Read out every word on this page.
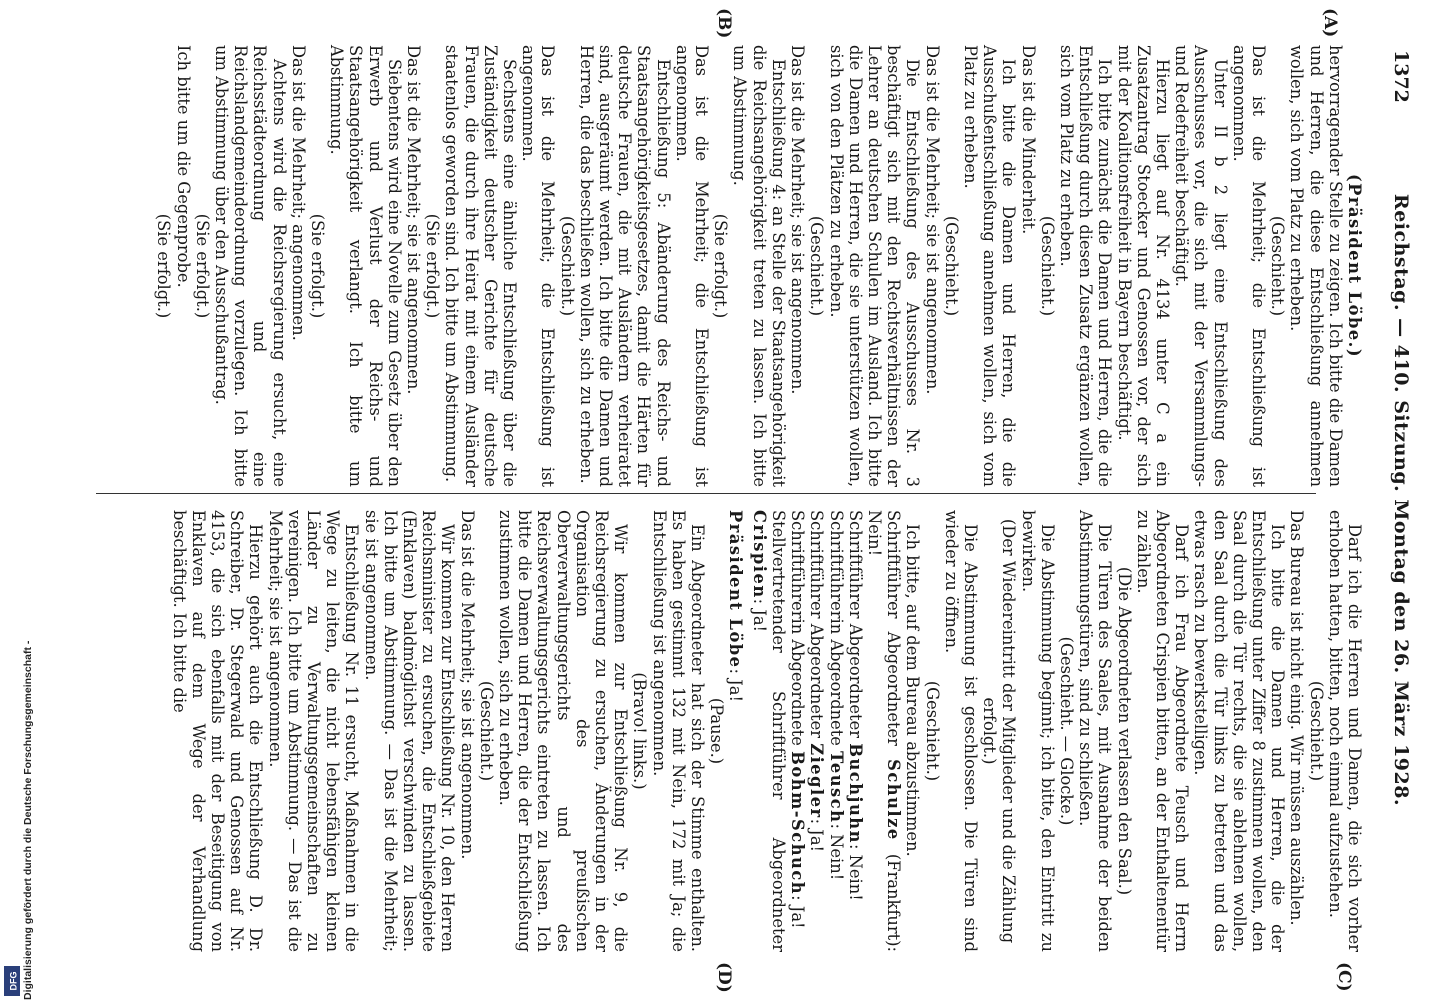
1372
Reichstag. — 410. Sitzung. Montag den 26. März 1928.
(A)
(B)
(C)
(D)

(Präsident Löbe.)

hervorragender Stelle zu zeigen. Ich bitte die Damen und Herren, die diese Entschließung annehmen wollen, sich vom Platz zu erheben.

(Geschieht.)

Das ist die Mehrheit; die Entschließung ist angenommen.

Unter II b 2 liegt eine Entschließung des Ausschusses vor, die sich mit der Versammlungs- und Redefreiheit beschäftigt.

Hierzu liegt auf Nr. 4134 unter C a ein Zusatzantrag Stoecker und Genossen vor, der sich mit der Koalitionsfreiheit in Bayern beschäftigt.

Ich bitte zunächst die Damen und Herren, die die Entschließung durch diesen Zusatz ergänzen wollen, sich vom Platz zu erheben.

(Geschieht.)

Das ist die Minderheit.

Ich bitte die Damen und Herren, die die Ausschußentschließung annehmen wollen, sich vom Platz zu erheben.

(Geschieht.)

Das ist die Mehrheit; sie ist angenommen.

Die Entschließung des Ausschusses Nr. 3 beschäftigt sich mit den Rechtsverhältnissen der Lehrer an deutschen Schulen im Ausland. Ich bitte die Damen und Herren, die sie unterstützen wollen, sich von den Plätzen zu erheben.

(Geschieht.)

Das ist die Mehrheit; sie ist angenommen.

Entschließung 4: an Stelle der Staatsangehörigkeit die Reichsangehörigkeit treten zu lassen. Ich bitte um Abstimmung.

(Sie erfolgt.)

Das ist die Mehrheit; die Entschließung ist angenommen.

Entschließung 5: Abänderung des Reichs- und Staatsangehörigkeitsgesetzes, damit die Härten für deutsche Frauen, die mit Ausländern verheiratet sind, ausgeräumt werden. Ich bitte die Damen und Herren, die das beschließen wollen, sich zu erheben.

(Geschieht.)

Das ist die Mehrheit; die Entschließung ist angenommen.

Sechstens eine ähnliche Entschließung über die Zuständigkeit deutscher Gerichte für deutsche Frauen, die durch ihre Heirat mit einem Ausländer staatenlos geworden sind. Ich bitte um Abstimmung.

(Sie erfolgt.)

Das ist die Mehrheit; sie ist angenommen.

Siebentens wird eine Novelle zum Gesetz über den Erwerb und Verlust der Reichs- und Staatsangehörigkeit verlangt. Ich bitte um Abstimmung.

(Sie erfolgt.)

Das ist die Mehrheit; angenommen.

Achtens wird die Reichsregierung ersucht, eine Reichsstädteordnung und eine Reichslandgemeindeordnung vorzulegen. Ich bitte um Abstimmung über den Ausschußantrag.

(Sie erfolgt.)

Ich bitte um die Gegenprobe.

(Sie erfolgt.)

Darf ich die Herren und Damen, die sich vorher erhoben hatten, bitten, noch einmal aufzustehen.

(Geschieht.)

Das Bureau ist nicht einig. Wir müssen auszählen.

Ich bitte die Damen und Herren, die der Entschließung unter Ziffer 8 zustimmen wollen, den Saal durch die Tür rechts, die sie ablehnen wollen, den Saal durch die Tür links zu betreten und das etwas rasch zu bewerkstelligen.

Darf ich Frau Abgeordnete Teusch und Herrn Abgeordneten Crispien bitten, an der Enthaltenentür zu zählen.

(Die Abgeordneten verlassen den Saal.)

Die Türen des Saales, mit Ausnahme der beiden Abstimmungstüren, sind zu schließen.

(Geschieht. — Glocke.)

Die Abstimmung beginnt; ich bitte, den Eintritt zu bewirken.

(Der Wiedereintritt der Mitglieder und die Zählung erfolgt.)

Die Abstimmung ist geschlossen. Die Türen sind wieder zu öffnen.

(Geschieht.)

Ich bitte, auf dem Bureau abzustimmen.

Schriftführer Abgeordneter Schulze (Frankfurt): Nein!

Schriftführer Abgeordneter Buchjuhn: Nein!

Schriftführerin Abgeordnete Teusch: Nein!

Schriftführer Abgeordneter Ziegler: Ja!

Schriftführerin Abgeordnete Bohm-Schuch: Ja!

Stellvertretender Schriftführer Abgeordneter Crispien: Ja!

Präsident Löbe: Ja!

(Pause.)

Ein Abgeordneter hat sich der Stimme enthalten. Es haben gestimmt 132 mit Nein, 172 mit Ja; die Entschließung ist angenommen.

(Bravo! links.)

Wir kommen zur Entschließung Nr. 9, die Reichsregierung zu ersuchen, Änderungen in der Organisation des preußischen Oberverwaltungsgerichts und des Reichsverwaltungsgerichts eintreten zu lassen. Ich bitte die Damen und Herren, die der Entschließung zustimmen wollen, sich zu erheben.

(Geschieht.)

Das ist die Mehrheit; sie ist angenommen.

Wir kommen zur Entschließung Nr. 10, den Herren Reichsminister zu ersuchen, die Entschließgebiete (Enklaven) baldmöglichst verschwinden zu lassen. Ich bitte um Abstimmung. — Das ist die Mehrheit; sie ist angenommen.

Entschließung Nr. 11 ersucht, Maßnahmen in die Wege zu leiten, die nicht lebensfähigen kleinen Länder zu Verwaltungsgemeinschaften zu vereinigen. Ich bitte um Abstimmung. — Das ist die Mehrheit; sie ist angenommen.

Hierzu gehört auch die Entschließung D. Dr. Schreiber, Dr. Stegerwald und Genossen auf Nr. 4153, die sich ebenfalls mit der Beseitigung von Enklaven auf dem Wege der Verhandlung beschäftigt. Ich bitte die

Digitalisierung gefördert durch die Deutsche Forschungsgemeinschaft -
DFG
